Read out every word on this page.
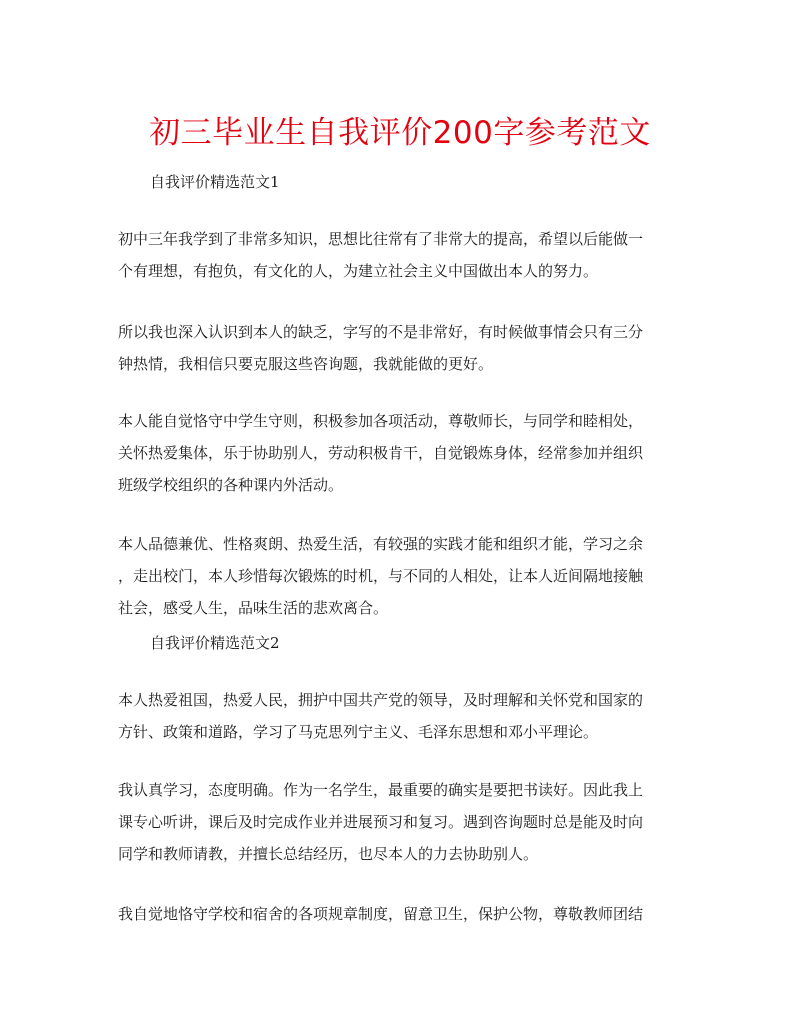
初三毕业生自我评价200字参考范文
自我评价精选范文1
初中三年我学到了非常多知识，思想比往常有了非常大的提高，希望以后能做一
个有理想，有抱负，有文化的人，为建立社会主义中国做出本人的努力。
所以我也深入认识到本人的缺乏，字写的不是非常好，有时候做事情会只有三分
钟热情，我相信只要克服这些咨询题，我就能做的更好。
本人能自觉恪守中学生守则，积极参加各项活动，尊敬师长，与同学和睦相处，
关怀热爱集体，乐于协助别人，劳动积极肯干，自觉锻炼身体，经常参加并组织
班级学校组织的各种课内外活动。
本人品德兼优、性格爽朗、热爱生活，有较强的实践才能和组织才能，学习之余
，走出校门，本人珍惜每次锻炼的时机，与不同的人相处，让本人近间隔地接触
社会，感受人生，品味生活的悲欢离合。
自我评价精选范文2
本人热爱祖国，热爱人民，拥护中国共产党的领导，及时理解和关怀党和国家的
方针、政策和道路，学习了马克思列宁主义、毛泽东思想和邓小平理论。
我认真学习，态度明确。作为一名学生，最重要的确实是要把书读好。因此我上
课专心听讲，课后及时完成作业并进展预习和复习。遇到咨询题时总是能及时向
同学和教师请教，并擅长总结经历，也尽本人的力去协助别人。
我自觉地恪守学校和宿舍的各项规章制度，留意卫生，保护公物，尊敬教师团结
